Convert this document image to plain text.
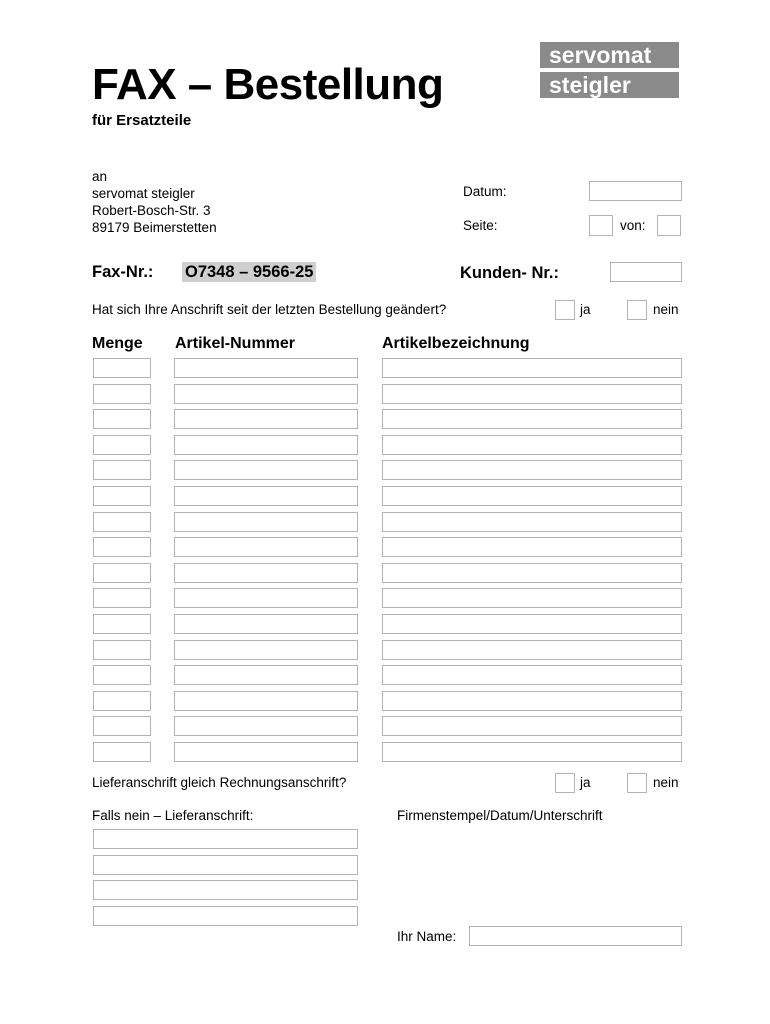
servomat
steigler
FAX – Bestellung
für Ersatzteile
an
servomat steigler
Robert-Bosch-Str. 3
89179 Beimerstetten
Datum:
Seite:	von:
Fax-Nr.: O7348 – 9566-25	Kunden- Nr.:
Hat sich Ihre Anschrift seit der letzten Bestellung geändert?	ja	nein
Menge Artikel-Nummer	Artikelbezeichnung
Lieferanschrift gleich Rechnungsanschrift?	ja	nein
Falls nein – Lieferanschrift:	Firmenstempel/Datum/Unterschrift
Ihr Name:
